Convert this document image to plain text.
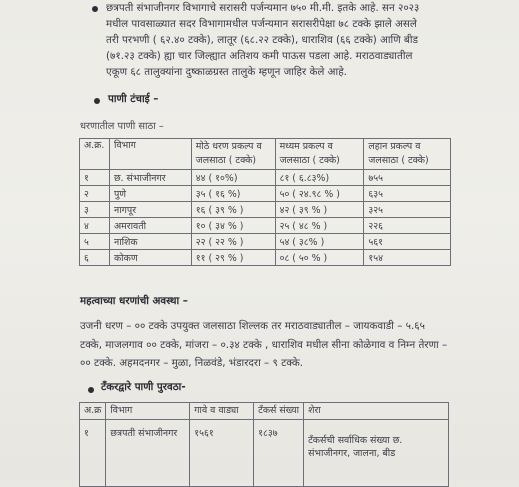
छत्रपती संभाजीनगर विभागाचे सरासरी पर्जन्यमान ७५० मी.मी. इतके आहे. सन २०२३
मधील पावसाळ्यात सदर विभागामधील पर्जन्यमान सरासरीपेक्षा ७८ टक्के झाले असले
तरी परभणी ( ६२.४० टक्के), लातूर (६८.२२ टक्के), धाराशिव (६६ टक्के) आणि बीड
(७१.२३ टक्के) ह्या चार जिल्ह्यात अतिशय कमी पाऊस पडला आहे. मराठवाड्यातील
एकूण ६८ तालुक्यांना दुष्काळग्रस्त तालुके म्हणून जाहिर केले आहे.
पाणी टंचाई –
धरणातील पाणी साठा –
अ.क्र.	विभाग	मोठे धरण प्रकल्प व जलसाठा ( टक्के)	मध्यम प्रकल्प व जलसाठा ( टक्के)	लहान प्रकल्प व जलसाठा ( टक्के)
१	छ. संभाजीनगर	४४ ( १०%)	८१ ( ६.८३%)	७५५
२	पुणे	३५ ( १६ %)	५० ( २४.९८ % )	६३५
३	नागपूर	१६ ( ३९ % )	४२ ( ३९ % )	३२५
४	अमरावती	१० ( ३४ % )	२५ ( ४८ % )	२२६
५	नाशिक	२२ ( २२ % )	५४ ( ३८% )	५६१
६	कोकण	११ ( २९ % )	०८ ( ५० % )	१५४
महत्वाच्या धरणांची अवस्था –
उजनी धरण – ०० टक्के उपयुक्त जलसाठा शिल्लक तर मराठवाड्यातील – जायकवाडी – ५.६५
टक्के, माजलगाव ०० टक्के, मांजरा – ०.३४ टक्के , धाराशिव मधील सीना कोळेगाव व निम्न तेरणा –
०० टक्के. अहमदनगर – मुळा, निळवंडे, भंडारदरा – ९ टक्के.
टँकरद्वारे पाणी पुरवठा-
अ.क्र	विभाग	गावे व वाड्या	टँकर्स संख्या	शेरा
१	छत्रपती संभाजीनगर	१५६१	१८३७	टँकर्सची सर्वाधिक संख्या छ. संभाजीनगर, जालना, बीड
